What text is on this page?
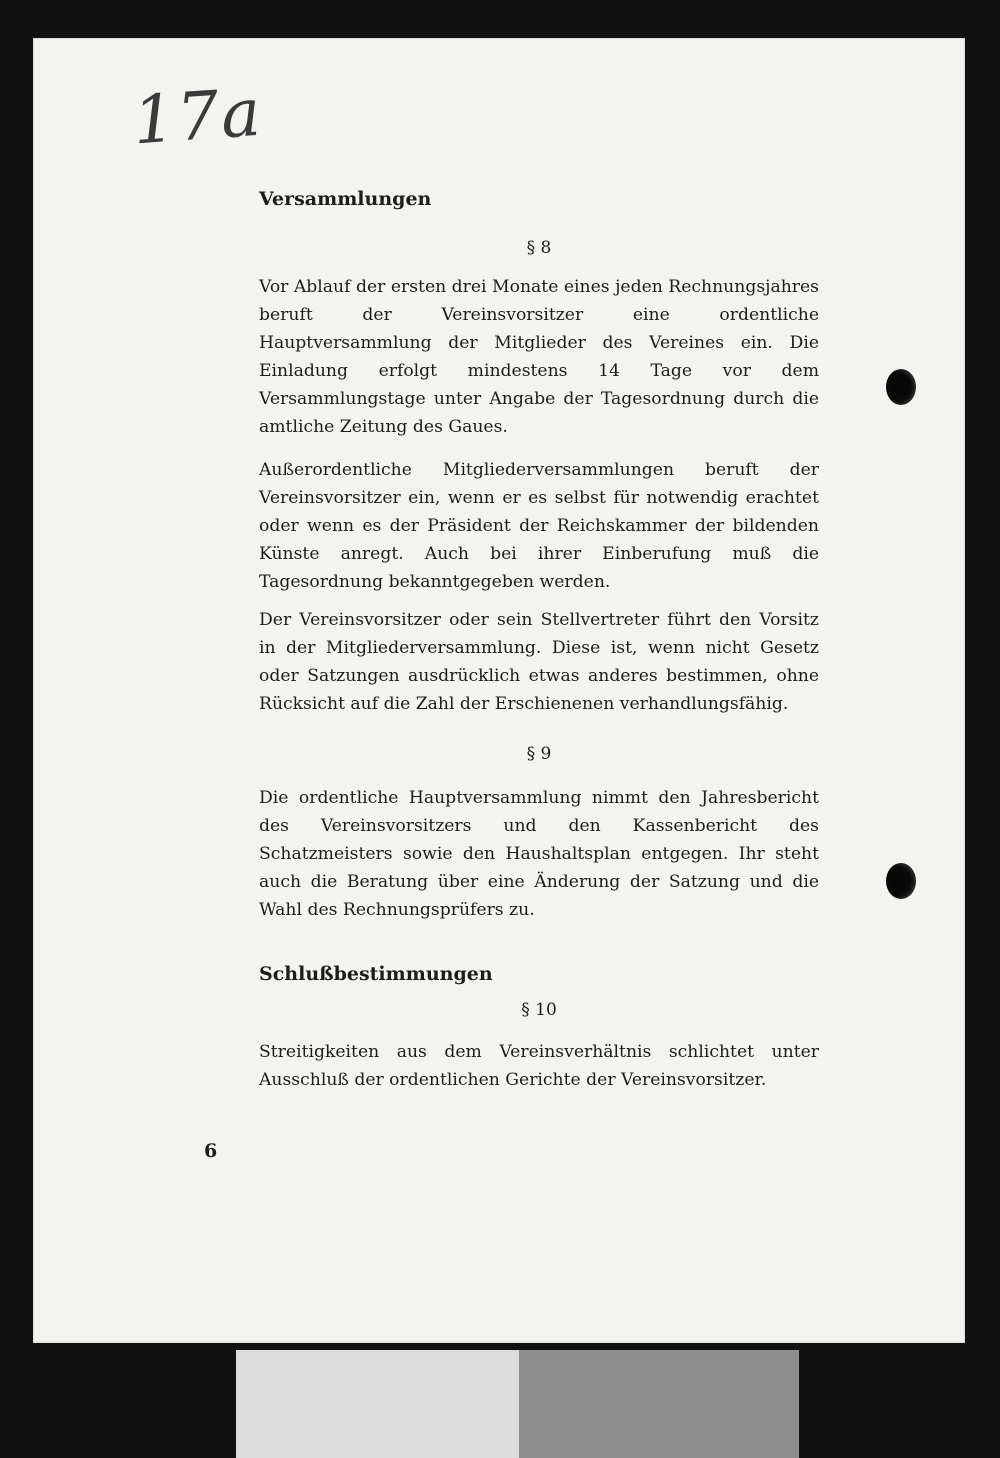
17a
Versammlungen
§ 8

Vor Ablauf der ersten drei Monate eines jeden Rechnungsjahres beruft der Vereinsvorsitzer eine ordentliche Hauptversammlung der Mitglieder des Vereines ein. Die Einladung erfolgt mindestens 14 Tage vor dem Versammlungstage unter Angabe der Tagesordnung durch die amtliche Zeitung des Gaues.

Außerordentliche Mitgliederversammlungen beruft der Vereinsvorsitzer ein, wenn er es selbst für notwendig erachtet oder wenn es der Präsident der Reichskammer der bildenden Künste anregt. Auch bei ihrer Einberufung muß die Tagesordnung bekanntgegeben werden.

Der Vereinsvorsitzer oder sein Stellvertreter führt den Vorsitz in der Mitgliederversammlung. Diese ist, wenn nicht Gesetz oder Satzungen ausdrücklich etwas anderes bestimmen, ohne Rücksicht auf die Zahl der Erschienenen verhandlungsfähig.

§ 9

Die ordentliche Hauptversammlung nimmt den Jahresbericht des Vereinsvorsitzers und den Kassenbericht des Schatzmeisters sowie den Haushaltsplan entgegen. Ihr steht auch die Beratung über eine Änderung der Satzung und die Wahl des Rechnungsprüfers zu.

Schlußbestimmungen
§ 10

Streitigkeiten aus dem Vereinsverhältnis schlichtet unter Ausschluß der ordentlichen Gerichte der Vereinsvorsitzer.

6
